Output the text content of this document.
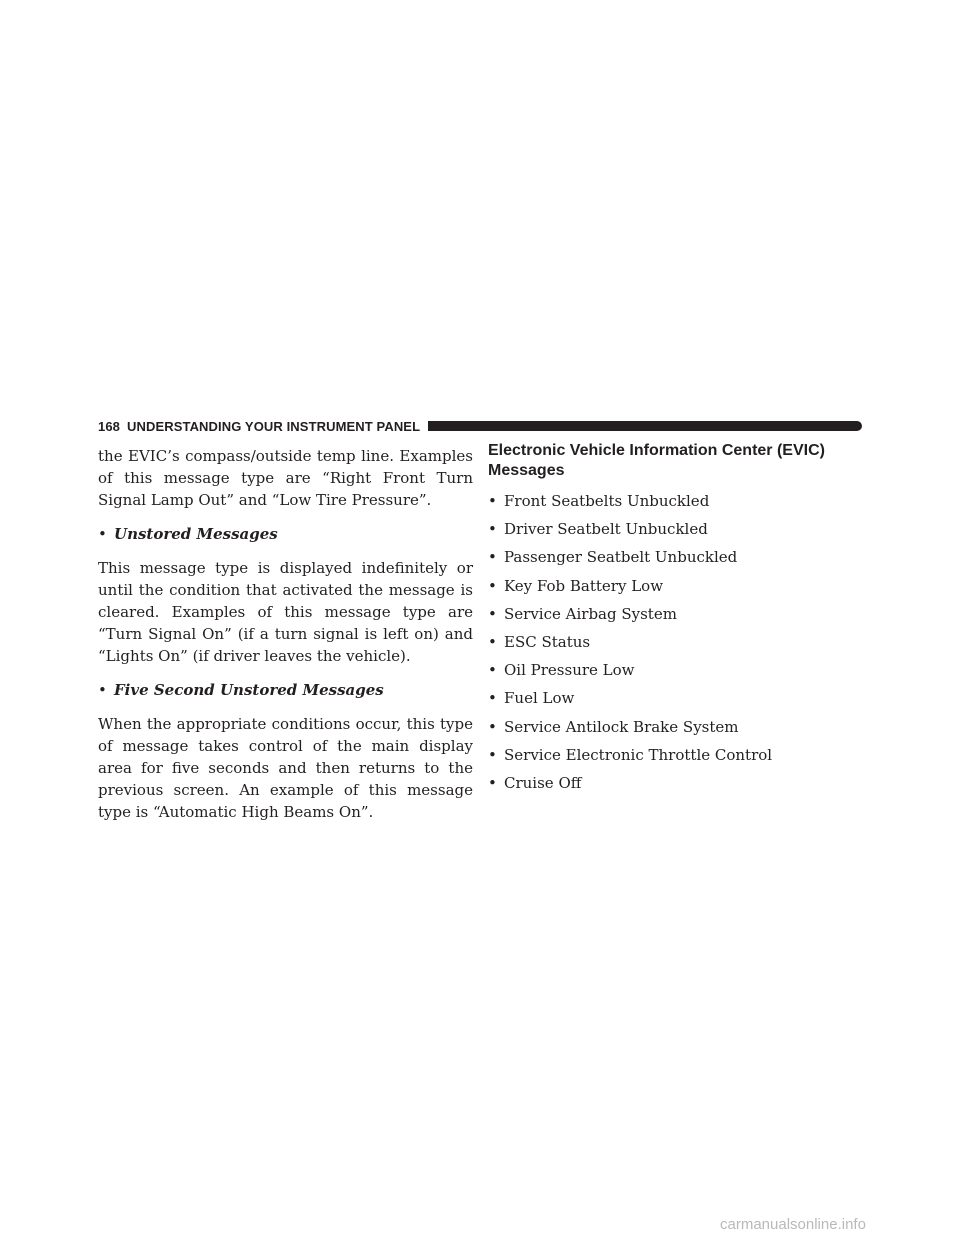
168 UNDERSTANDING YOUR INSTRUMENT PANEL

the EVIC’s compass/outside temp line. Examples of this message type are “Right Front Turn Signal Lamp Out” and “Low Tire Pressure”.

• Unstored Messages

This message type is displayed indefinitely or until the condition that activated the message is cleared. Examples of this message type are “Turn Signal On” (if a turn signal is left on) and “Lights On” (if driver leaves the vehicle).

• Five Second Unstored Messages

When the appropriate conditions occur, this type of message takes control of the main display area for five seconds and then returns to the previous screen. An example of this message type is “Automatic High Beams On”.

Electronic Vehicle Information Center (EVIC) Messages
• Front Seatbelts Unbuckled
• Driver Seatbelt Unbuckled
• Passenger Seatbelt Unbuckled
• Key Fob Battery Low
• Service Airbag System
• ESC Status
• Oil Pressure Low
• Fuel Low
• Service Antilock Brake System
• Service Electronic Throttle Control
• Cruise Off
carmanualsonline.info
